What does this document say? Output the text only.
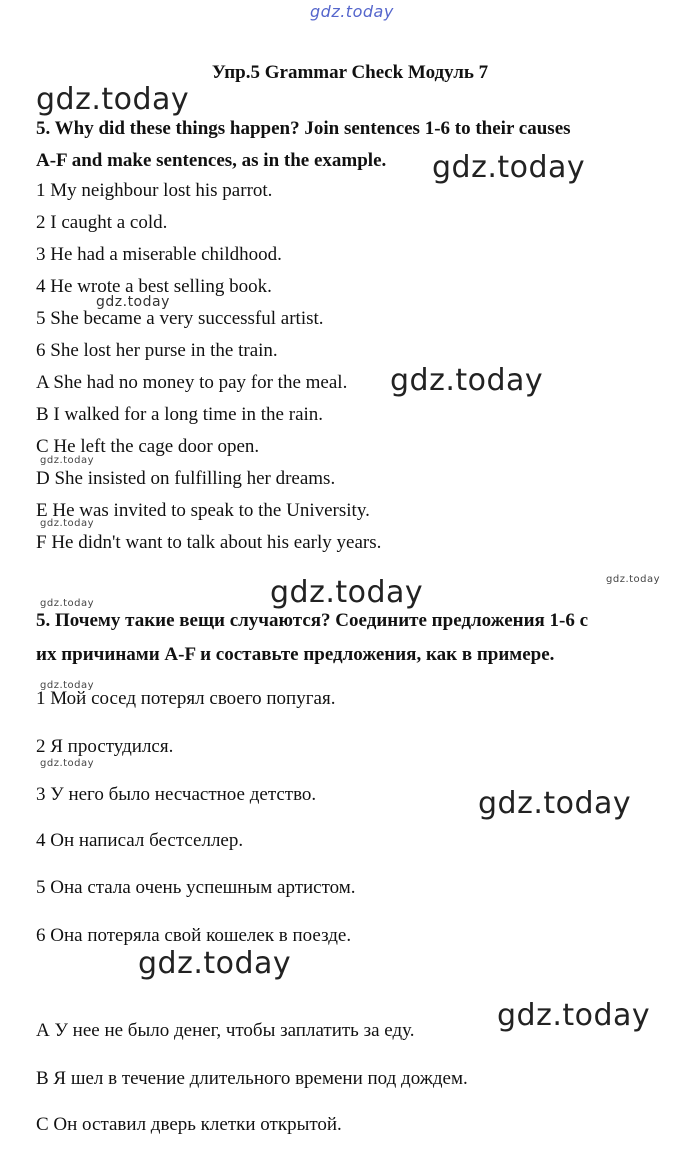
gdz.today
gdz.today
gdz.today
gdz.today
gdz.today
gdz.today
gdz.today
gdz.today	gdz.today
gdz.today
gdz.today
gdz.today
gdz.today
gdz.today
gdz.today
Упр.5 Grammar Check Модуль 7
5. Why did these things happen? Join sentences 1-6 to their causes
A-F and make sentences, as in the example.
1 My neighbour lost his parrot.
2 I caught a cold.
3 He had a miserable childhood.
4 He wrote a best selling book.
5 She became a very successful artist.
6 She lost her purse in the train.
A She had no money to pay for the meal.
B I walked for a long time in the rain.
C He left the cage door open.
D She insisted on fulfilling her dreams.
E He was invited to speak to the University.
F He didn't want to talk about his early years.
5. Почему такие вещи случаются? Соедините предложения 1-6 с
их причинами A-F и составьте предложения, как в примере.
1 Мой сосед потерял своего попугая.
2 Я простудился.
3 У него было несчастное детство.
4 Он написал бестселлер.
5 Она стала очень успешным артистом.
6 Она потеряла свой кошелек в поезде.
А У нее не было денег, чтобы заплатить за еду.
В Я шел в течение длительного времени под дождем.
С Он оставил дверь клетки открытой.
